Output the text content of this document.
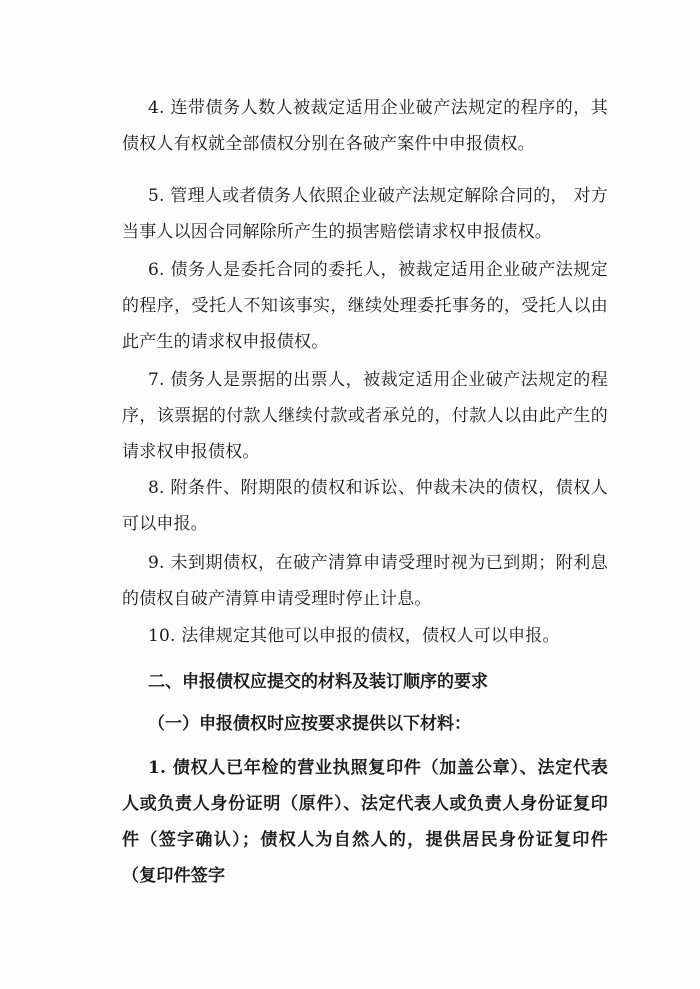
4. 连带债务人数人被裁定适用企业破产法规定的程序的，其债权人有权就全部债权分别在各破产案件中申报债权。

5. 管理人或者债务人依照企业破产法规定解除合同的， 对方当事人以因合同解除所产生的损害赔偿请求权申报债权。

6. 债务人是委托合同的委托人，被裁定适用企业破产法规定的程序，受托人不知该事实，继续处理委托事务的，受托人以由此产生的请求权申报债权。

7. 债务人是票据的出票人，被裁定适用企业破产法规定的程序，该票据的付款人继续付款或者承兑的，付款人以由此产生的请求权申报债权。

8. 附条件、附期限的债权和诉讼、仲裁未决的债权，债权人可以申报。

9. 未到期债权，在破产清算申请受理时视为已到期；附利息的债权自破产清算申请受理时停止计息。

10. 法律规定其他可以申报的债权，债权人可以申报。

二、申报债权应提交的材料及装订顺序的要求

（一）申报债权时应按要求提供以下材料：

1. 债权人已年检的营业执照复印件（加盖公章）、法定代表人或负责人身份证明（原件）、法定代表人或负责人身份证复印件（签字确认）；债权人为自然人的，提供居民身份证复印件（复印件签字
